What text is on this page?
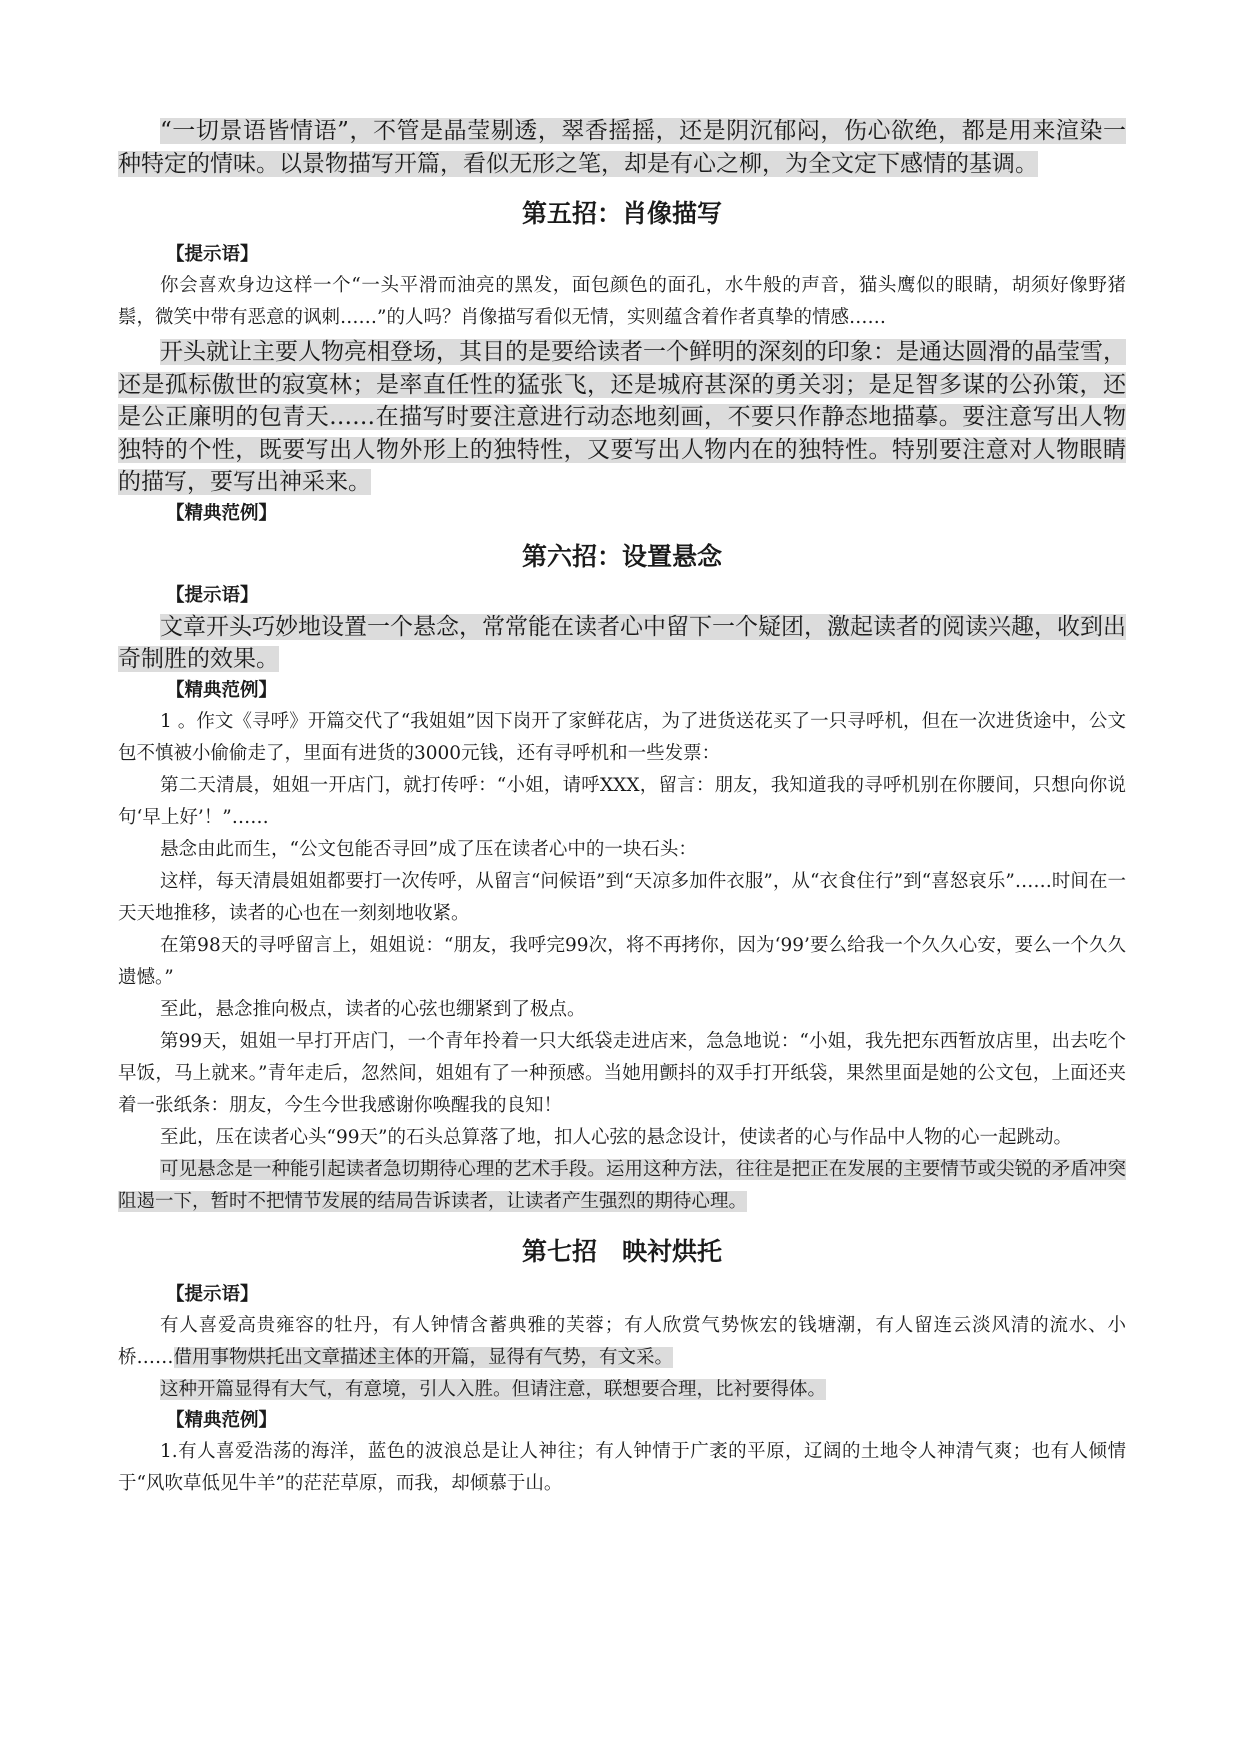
“一切景语皆情语”，不管是晶莹剔透，翠香摇摇，还是阴沉郁闷，伤心欲绝，都是用来渲染一种特定的情味。以景物描写开篇，看似无形之笔，却是有心之柳，为全文定下感情的基调。

第五招：肖像描写

【提示语】

你会喜欢身边这样一个“一头平滑而油亮的黑发，面包颜色的面孔，水牛般的声音，猫头鹰似的眼睛，胡须好像野猪鬃，微笑中带有恶意的讽刺……”的人吗？肖像描写看似无情，实则蕴含着作者真挚的情感……

开头就让主要人物亮相登场，其目的是要给读者一个鲜明的深刻的印象：是通达圆滑的晶莹雪，还是孤标傲世的寂寞林；是率直任性的猛张飞，还是城府甚深的勇关羽；是足智多谋的公孙策，还是公正廉明的包青天……在描写时要注意进行动态地刻画，不要只作静态地描摹。要注意写出人物独特的个性，既要写出人物外形上的独特性，又要写出人物内在的独特性。特别要注意对人物眼睛的描写，要写出神采来。

【精典范例】

第六招：设置悬念

【提示语】

文章开头巧妙地设置一个悬念，常常能在读者心中留下一个疑团，激起读者的阅读兴趣，收到出奇制胜的效果。

【精典范例】

1 。作文《寻呼》开篇交代了“我姐姐”因下岗开了家鲜花店，为了进货送花买了一只寻呼机，但在一次进货途中，公文包不慎被小偷偷走了，里面有进货的3000元钱，还有寻呼机和一些发票：

第二天清晨，姐姐一开店门，就打传呼：“小姐，请呼XXX，留言：朋友，我知道我的寻呼机别在你腰间，只想向你说句‘早上好’！”……

悬念由此而生，“公文包能否寻回”成了压在读者心中的一块石头：

这样，每天清晨姐姐都要打一次传呼，从留言“问候语”到“天凉多加件衣服”，从“衣食住行”到“喜怒哀乐”……时间在一天天地推移，读者的心也在一刻刻地收紧。

在第98天的寻呼留言上，姐姐说：“朋友，我呼完99次，将不再拷你，因为‘99’要么给我一个久久心安，要么一个久久遗憾。”

至此，悬念推向极点，读者的心弦也绷紧到了极点。

第99天，姐姐一早打开店门，一个青年拎着一只大纸袋走进店来，急急地说：“小姐，我先把东西暂放店里，出去吃个早饭，马上就来。”青年走后，忽然间，姐姐有了一种预感。当她用颤抖的双手打开纸袋，果然里面是她的公文包，上面还夹着一张纸条：朋友，今生今世我感谢你唤醒我的良知！

至此，压在读者心头“99天”的石头总算落了地，扣人心弦的悬念设计，使读者的心与作品中人物的心一起跳动。

可见悬念是一种能引起读者急切期待心理的艺术手段。运用这种方法，往往是把正在发展的主要情节或尖锐的矛盾冲突阻遏一下，暂时不把情节发展的结局告诉读者，让读者产生强烈的期待心理。

第七招　映衬烘托

【提示语】

有人喜爱高贵雍容的牡丹，有人钟情含蓄典雅的芙蓉；有人欣赏气势恢宏的钱塘潮，有人留连云淡风清的流水、小桥……借用事物烘托出文章描述主体的开篇，显得有气势，有文采。

这种开篇显得有大气，有意境，引人入胜。但请注意，联想要合理，比衬要得体。

【精典范例】

1.有人喜爱浩荡的海洋，蓝色的波浪总是让人神往；有人钟情于广袤的平原，辽阔的土地令人神清气爽；也有人倾情于“风吹草低见牛羊”的茫茫草原，而我，却倾慕于山。
